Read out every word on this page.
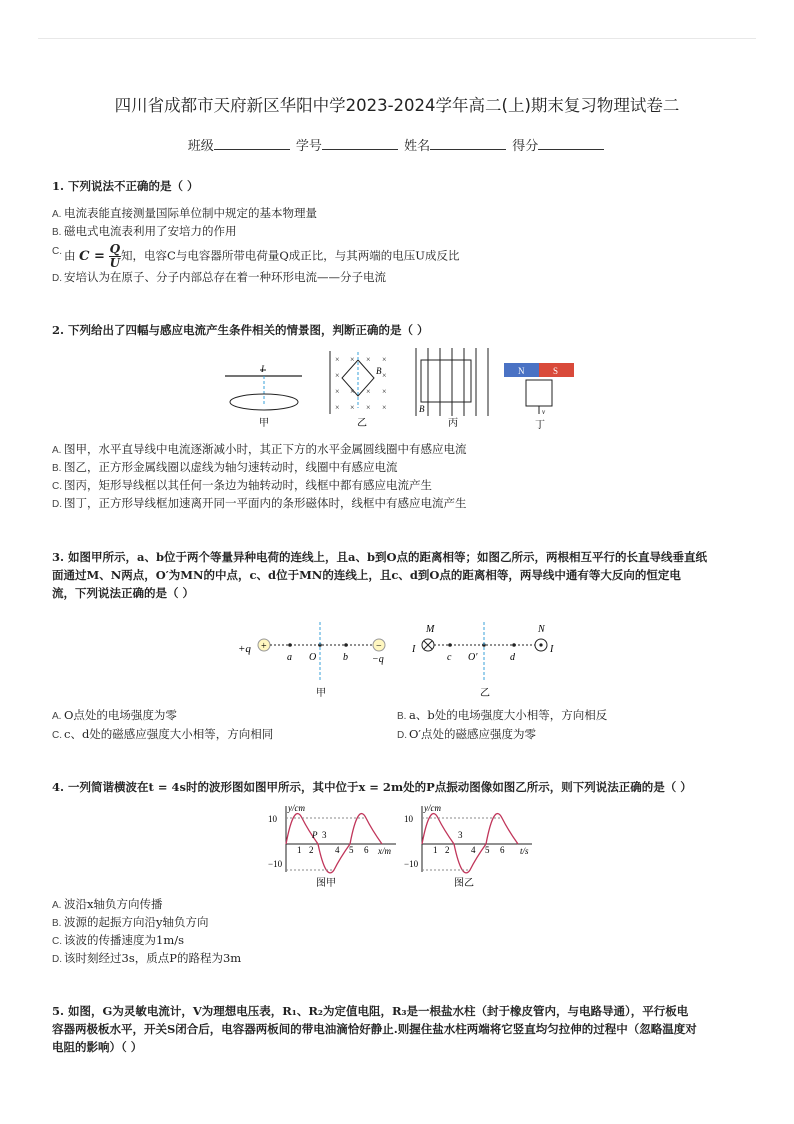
四川省成都市天府新区华阳中学2023-2024学年高二(上)期末复习物理试卷二
班级	学号	姓名	得分
1. 下列说法不正确的是（ ）
A. 电流表能直接测量国际单位制中规定的基本物理量
B. 磁电式电流表利用了安培力的作用
C. 由 $C = \frac{Q}{U}$ 知，电容C与电容器所带电荷量Q成正比，与其两端的电压U成反比
D. 安培认为在原子、分子内部总存在着一种环形电流——分子电流
2. 下列给出了四幅与感应电流产生条件相关的情景图，判断正确的是（ ）
I
甲
× × × ×
×	×
× × × ×
× × × ×
B
乙
B
丙
N	S
v
丁
A. 图甲，水平直导线中电流逐渐减小时，其正下方的水平金属圆线圈中有感应电流
B. 图乙，正方形金属线圈以虚线为轴匀速转动时，线圈中有感应电流
C. 图丙，矩形导线框以其任何一条边为轴转动时，线框中都有感应电流产生
D. 图丁，正方形导线框加速离开同一平面内的条形磁体时，线框中有感应电流产生
3. 如图甲所示，a、b位于两个等量异种电荷的连线上，且a、b到O点的距离相等；如图乙所示，两根相互平行的长直导线垂直纸
面通过M、N两点，O′为MN的中点，c、d位于MN的连线上，且c、d到O点的距离相等，两导线中通有等大反向的恒定电
流，下列说法正确的是（ ）
+q +
a O	b
−
−q
甲
M	N
I
c O′	d
I
乙
A. O点处的电场强度为零	B. a、b处的电场强度大小相等，方向相反
C. c、d处的磁感应强度大小相等，方向相同	D. O′点处的磁感应强度为零
4. 一列简谐横波在t = 4s时的波形图如图甲所示，其中位于x = 2m处的P点振动图像如图乙所示，则下列说法正确的是（ ）
y/cm
x/m
10
−10
1 2 4 5 6
P 3
图甲
y/cm
t/s
10
−10
1 2 4 5 6
3
图乙
A. 波沿x轴负方向传播
B. 波源的起振方向沿y轴负方向
C. 该波的传播速度为1m/s
D. 该时刻经过3s，质点P的路程为3m
5. 如图，G为灵敏电流计，V为理想电压表，R₁、R₂为定值电阻，R₃是一根盐水柱（封于橡皮管内，与电路导通），平行板电
容器两极板水平，开关S闭合后，电容器两板间的带电油滴恰好静止.则握住盐水柱两端将它竖直均匀拉伸的过程中（忽略温度对
电阻的影响）（ ）
